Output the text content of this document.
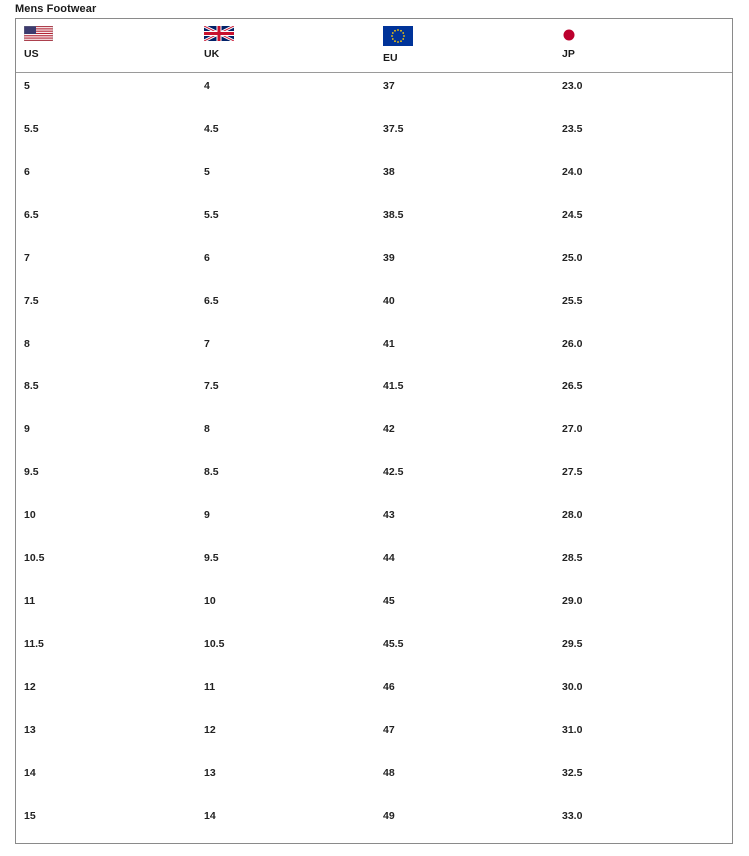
Mens Footwear
US	UK	EU	JP
5	4	37	23.0
5.5	4.5	37.5	23.5
6	5	38	24.0
6.5	5.5	38.5	24.5
7	6	39	25.0
7.5	6.5	40	25.5
8	7	41	26.0
8.5	7.5	41.5	26.5
9	8	42	27.0
9.5	8.5	42.5	27.5
10	9	43	28.0
10.5	9.5	44	28.5
11	10	45	29.0
11.5	10.5	45.5	29.5
12	11	46	30.0
13	12	47	31.0
14	13	48	32.5
15	14	49	33.0
